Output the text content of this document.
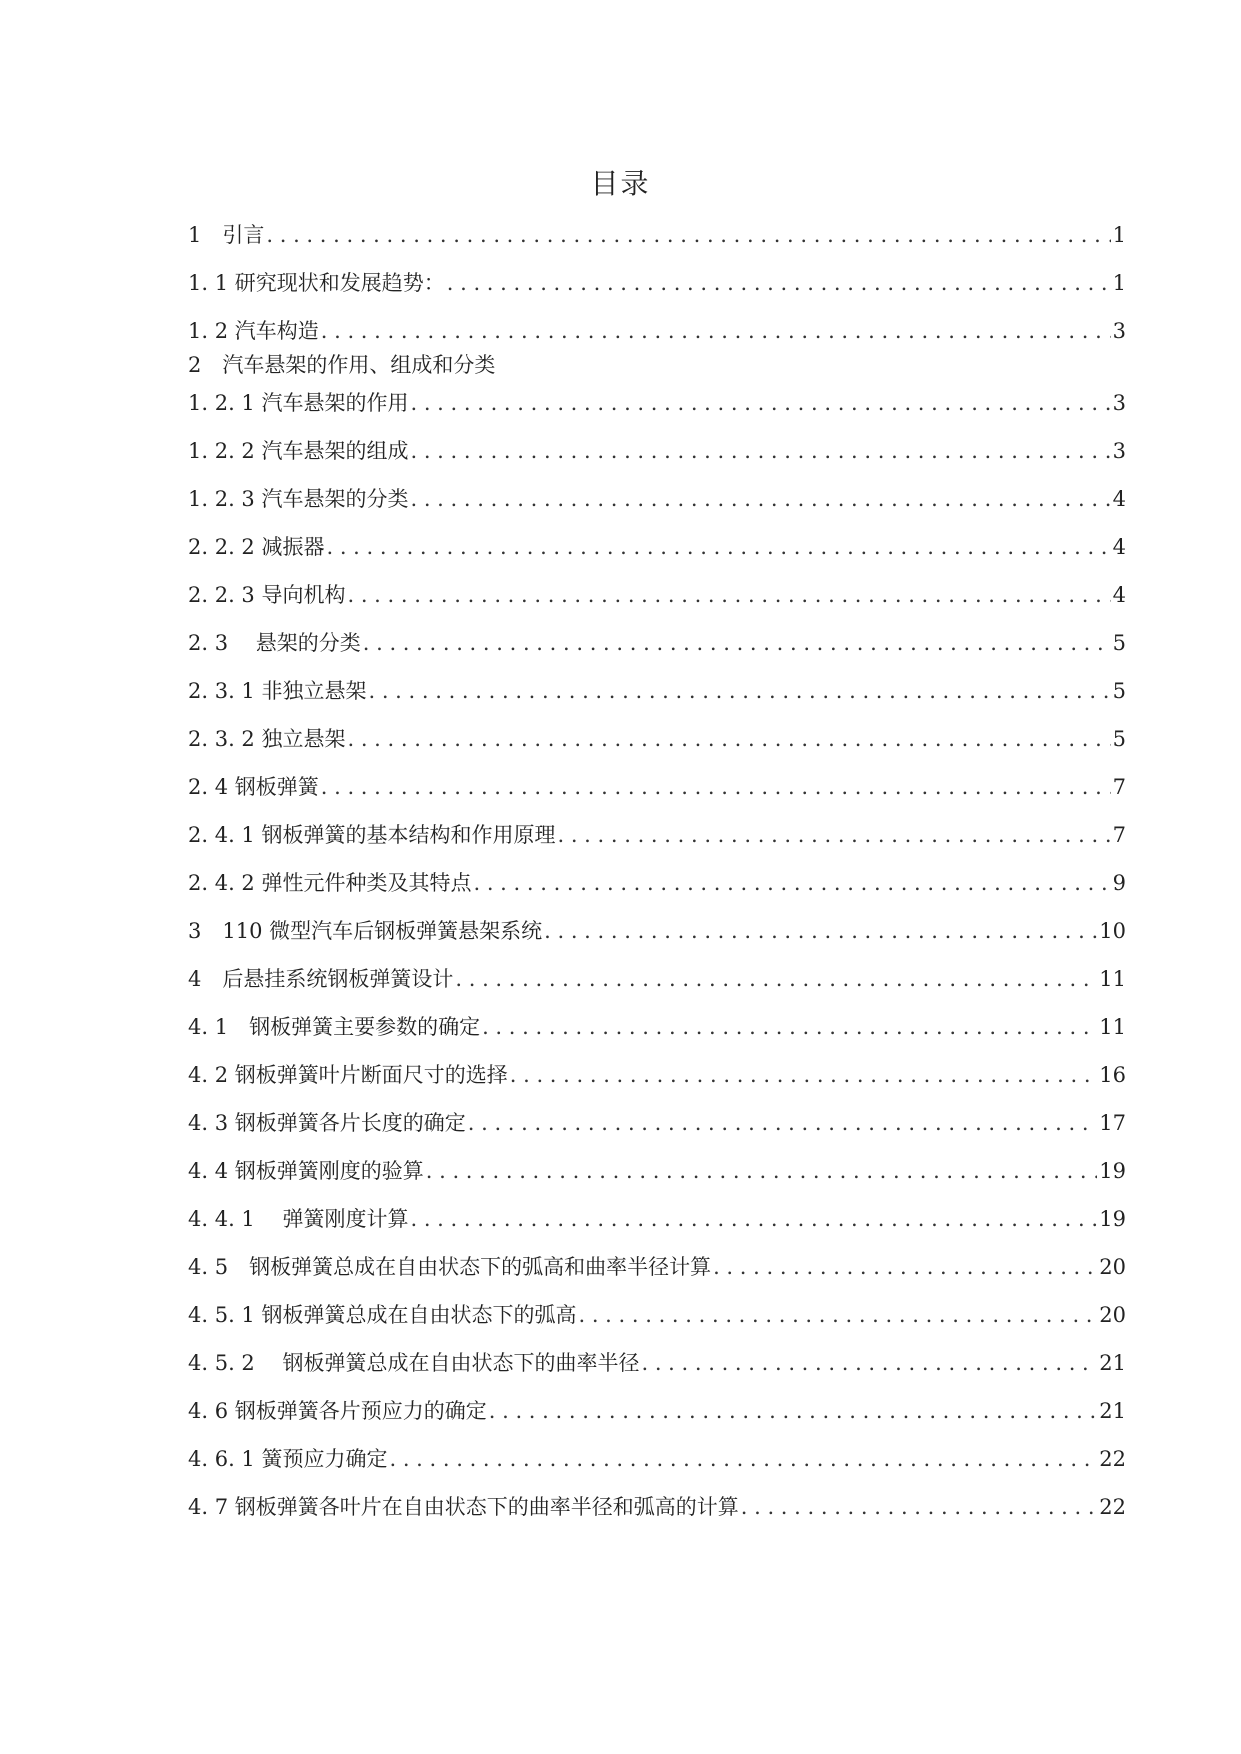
目录
1　引言 . . .	1
1. 1 研究现状和发展趋势： . . .	1
1. 2 汽车构造 . . .	3
2　汽车悬架的作用、组成和分类
1. 2. 1 汽车悬架的作用 . . .	3
1. 2. 2 汽车悬架的组成 . . .	3
1. 2. 3 汽车悬架的分类 . . .	4
2. 2. 2 减振器 . . .	4
2. 2. 3 导向机构 . . .	4
2. 3　 悬架的分类 . . .	5
2. 3. 1 非独立悬架 . . .	5
2. 3. 2 独立悬架 . . .	5
2. 4 钢板弹簧 . . .	7
2. 4. 1 钢板弹簧的基本结构和作用原理 . . .	7
2. 4. 2 弹性元件种类及其特点 . . .	9
3　110 微型汽车后钢板弹簧悬架系统 . . .	10
4　后悬挂系统钢板弹簧设计 . . .	11
4. 1　钢板弹簧主要参数的确定 . . .	11
4. 2 钢板弹簧叶片断面尺寸的选择 . . .	16
4. 3 钢板弹簧各片长度的确定 . . .	17
4. 4 钢板弹簧刚度的验算 . . .	19
4. 4. 1　 弹簧刚度计算 . . .	19
4. 5　钢板弹簧总成在自由状态下的弧高和曲率半径计算 . . .	20
4. 5. 1 钢板弹簧总成在自由状态下的弧高 . . .	20
4. 5. 2　 钢板弹簧总成在自由状态下的曲率半径 . . .	21
4. 6 钢板弹簧各片预应力的确定 . . .	21
4. 6. 1 簧预应力确定 . . .	22
4. 7 钢板弹簧各叶片在自由状态下的曲率半径和弧高的计算 . . .	22
